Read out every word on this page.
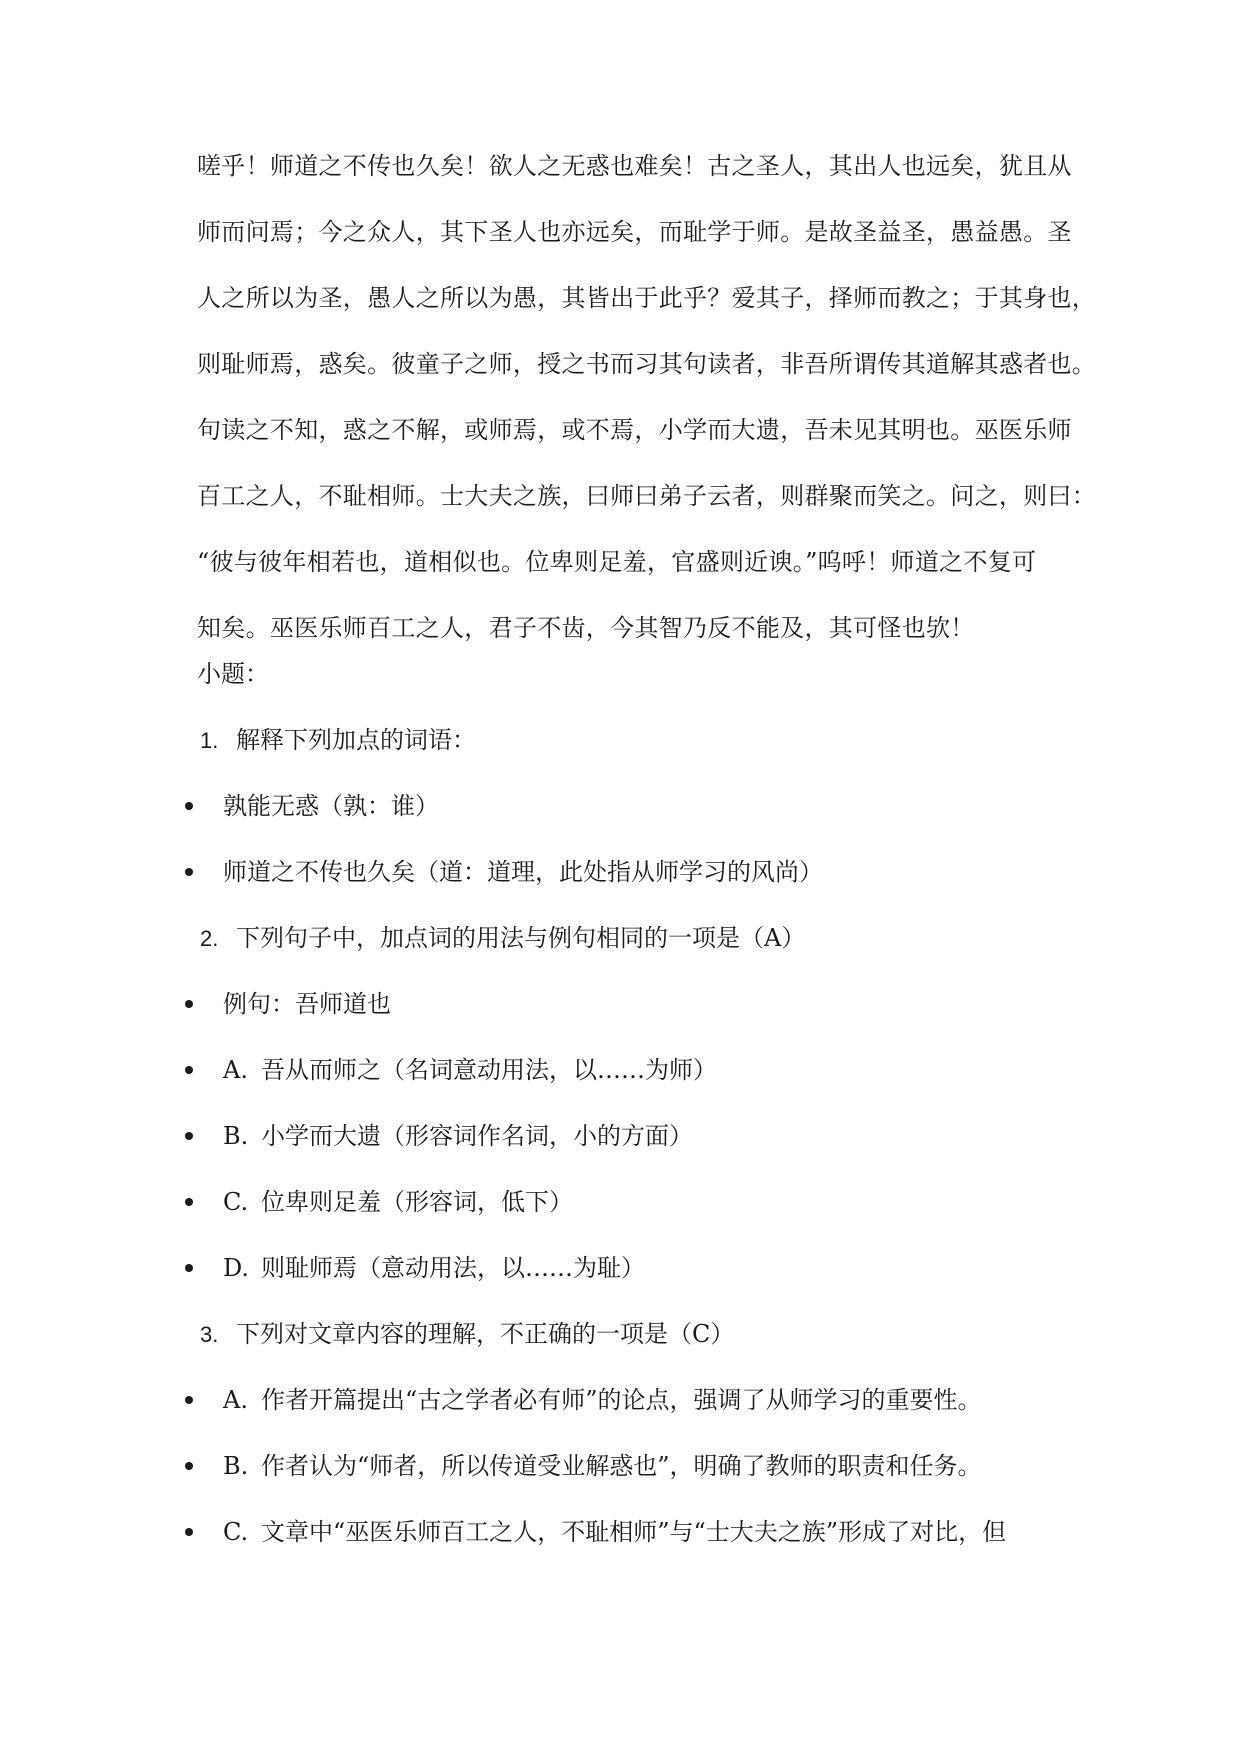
嗟乎！师道之不传也久矣！欲人之无惑也难矣！古之圣人，其出人也远矣，犹且从
师而问焉；今之众人，其下圣人也亦远矣，而耻学于师。是故圣益圣，愚益愚。圣
人之所以为圣，愚人之所以为愚，其皆出于此乎？爱其子，择师而教之；于其身也，
则耻师焉，惑矣。彼童子之师，授之书而习其句读者，非吾所谓传其道解其惑者也。
句读之不知，惑之不解，或师焉，或不焉，小学而大遗，吾未见其明也。巫医乐师
百工之人，不耻相师。士大夫之族，曰师曰弟子云者，则群聚而笑之。问之，则曰：
“彼与彼年相若也，道相似也。位卑则足羞，官盛则近谀。”呜呼！师道之不复可
知矣。巫医乐师百工之人，君子不齿，今其智乃反不能及，其可怪也欤！
小题：
1. 解释下列加点的词语：
孰能无惑（孰：谁）
师道之不传也久矣（道：道理，此处指从师学习的风尚）
2. 下列句子中，加点词的用法与例句相同的一项是（A）
例句：吾师道也
A. 吾从而师之（名词意动用法，以……为师）
B. 小学而大遗（形容词作名词，小的方面）
C. 位卑则足羞（形容词，低下）
D. 则耻师焉（意动用法，以……为耻）
3. 下列对文章内容的理解，不正确的一项是（C）
A. 作者开篇提出“古之学者必有师”的论点，强调了从师学习的重要性。
B. 作者认为“师者，所以传道受业解惑也”，明确了教师的职责和任务。
C. 文章中“巫医乐师百工之人，不耻相师”与“士大夫之族”形成了对比，但
